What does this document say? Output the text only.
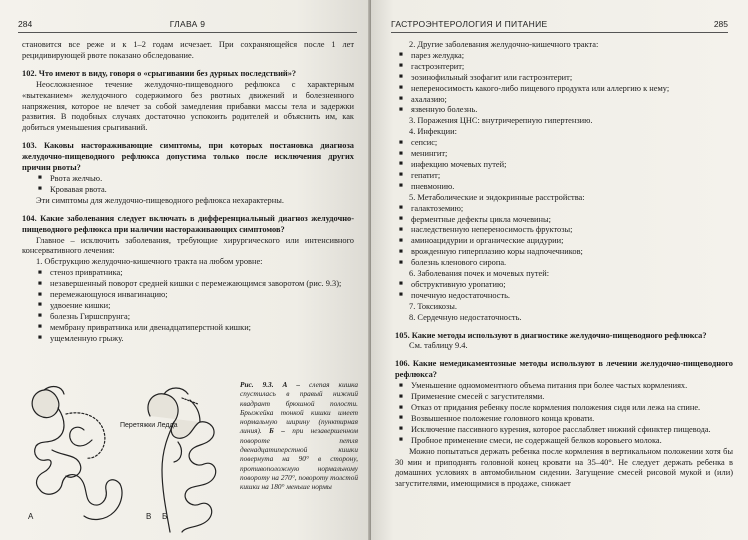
284	ГЛАВА 9

становится все реже и к 1–2 годам исчезает. При сохраняющейся после 1 лет рецидивирующей рвоте показано обследование.

102. Что имеют в виду, говоря о «срыгивании без дурных последствий»?

Неосложненное течение желудочно-пищеводного рефлюкса с характерным «вытеканием» желудочного содержимого без рвотных движений и болезненного напряжения, которое не влечет за собой замедления прибавки массы тела и задержки развития. В подобных случаях достаточно успокоить родителей и объяснить им, как добиться уменьшения срыгиваний.

103. Каковы настораживающие симптомы, при которых постановка диагноза желудочно-пищеводного рефлюкса допустима только после исключения других причин рвоты?

■ Рвота желчью.

■ Кровавая рвота.

Эти симптомы для желудочно-пищеводного рефлюкса нехарактерны.

104. Какие заболевания следует включать в дифференциальный диагноз желудочно-пищеводного рефлюкса при наличии настораживающих симптомов?

Главное – исключить заболевания, требующие хирургического или интенсивного консервативного лечения:

1. Обструкцию желудочно-кишечного тракта на любом уровне:

■ стеноз привратника;

■ незавершенный поворот средней кишки с перемежающимся заворотом (рис. 9.3);

■ перемежающуюся инвагинацию;

■ удвоение кишки;

■ болезнь Гиршспрунга;

■ мембрану привратника или двенадцатиперстной кишки;

■ ущемленную грыжу.

Перетяжки Ледда
А	В Б

Рис. 9.3. А – слепая кишка спустилась в правый нижний квадрант брюшной полости. Брыжейка тонкой кишки имеет нормальную ширину (пунктирная линия). Б – при незавершенном повороте петля двенадцатиперстной кишки повернута на 90° в сторону, противоположную нормальному повороту на 270°, повороту толстой кишки на 180° меньше нормы

ГАСТРОЭНТЕРОЛОГИЯ И ПИТАНИЕ	285

2. Другие заболевания желудочно-кишечного тракта:

■ парез желудка;

■ гастроэнтерит;

■ эозинофильный эзофагит или гастроэнтерит;

■ непереносимость какого-либо пищевого продукта или аллергию к нему;

■ ахалазию;

■ язвенную болезнь.

3. Поражения ЦНС: внутричерепную гипертензию.

4. Инфекции:

■ сепсис;

■ менингит;

■ инфекцию мочевых путей;

■ гепатит;

■ пневмонию.

5. Метаболические и эндокринные расстройства:

■ галактоземию;

■ ферментные дефекты цикла мочевины;

■ наследственную непереносимость фруктозы;

■ аминоацидурии и органические ацидурии;

■ врожденную гиперплазию коры надпочечников;

■ болезнь кленового сиропа.

6. Заболевания почек и мочевых путей:

■ обструктивную уропатию;

■ почечную недостаточность.

7. Токсикозы.

8. Сердечную недостаточность.

105. Какие методы используют в диагностике желудочно-пищеводного рефлюкса?

См. таблицу 9.4.

106. Какие немедикаментозные методы используют в лечении желудочно-пищеводного рефлюкса?

■ Уменьшение одномоментного объема питания при более частых кормлениях.

■ Применение смесей с загустителями.

■ Отказ от придания ребенку после кормления положения сидя или лежа на спине.

■ Возвышенное положение головного конца кровати.

■ Исключение пассивного курения, которое расслабляет нижний сфинктер пищевода.

■ Пробное применение смеси, не содержащей белков коровьего молока.

Можно попытаться держать ребенка после кормления в вертикальном положении хотя бы 30 мин и приподнять головной конец кровати на 35–40°. Не следует держать ребенка в домашних условиях в автомобильном сидении. Загущение смесей рисовой мукой и (или) загустителями, имеющимися в продаже, снижает
